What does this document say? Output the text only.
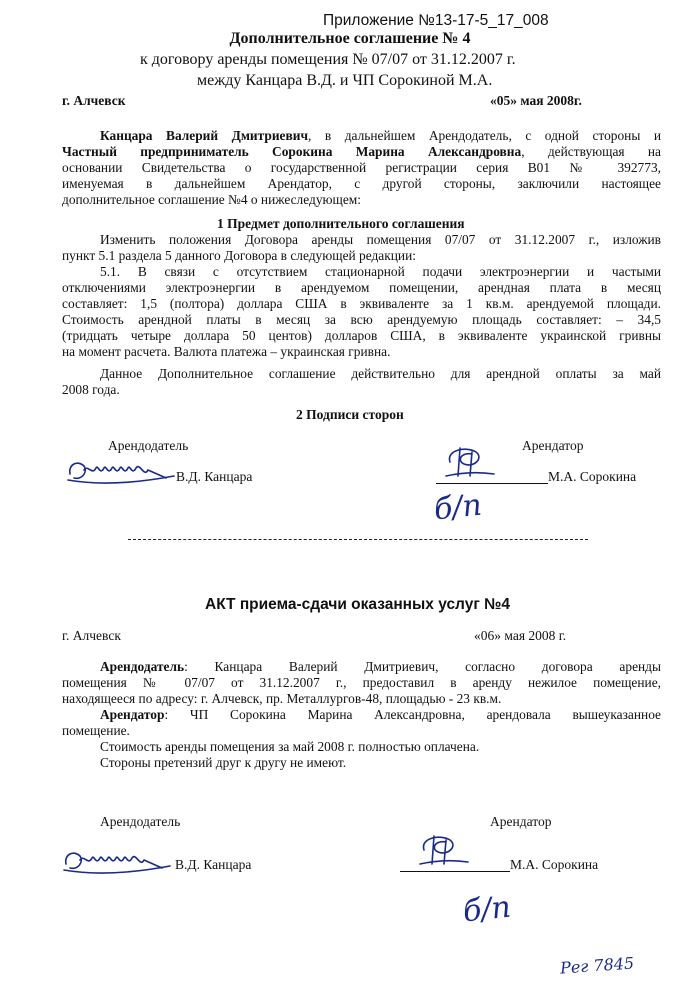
Приложение №13-17-5_17_008
Дополнительное соглашение № 4
к договору аренды помещения № 07/07 от 31.12.2007 г.
между Канцара В.Д. и ЧП Сорокиной М.А.
г. Алчевск	«05» мая 2008г.
Канцара Валерий Дмитриевич, в дальнейшем Арендодатель, с одной стороны и
Частный предприниматель Сорокина Марина Александровна, действующая на
основании Свидетельства о государственной регистрации серия В01 № 392773,
именуемая в дальнейшем Арендатор, с другой стороны, заключили настоящее
дополнительное соглашение №4 о нижеследующем:
1 Предмет дополнительного соглашения
Изменить положения Договора аренды помещения 07/07 от 31.12.2007 г., изложив
пункт 5.1 раздела 5 данного Договора в следующей редакции:
5.1. В связи с отсутствием стационарной подачи электроэнергии и частыми
отключениями электроэнергии в арендуемом помещении, арендная плата в месяц
составляет: 1,5 (полтора) доллара США в эквиваленте за 1 кв.м. арендуемой площади.
Стоимость арендной платы в месяц за всю арендуемую площадь составляет: – 34,5
(тридцать четыре доллара 50 центов) долларов США, в эквиваленте украинской гривны
на момент расчета. Валюта платежа – украинская гривна.
Данное Дополнительное соглашение действительно для арендной оплаты за май
2008 года.
2 Подписи сторон
Арендодатель	Арендатор
В.Д. Канцара	М.А. Сорокина
б/п
АКТ приема-сдачи оказанных услуг №4
г. Алчевск	«06» мая 2008 г.
Арендодатель: Канцара Валерий Дмитриевич, согласно договора аренды
помещения № 07/07 от 31.12.2007 г., предоставил в аренду нежилое помещение,
находящееся по адресу: г. Алчевск, пр. Металлургов-48, площадью - 23 кв.м.
Арендатор: ЧП Сорокина Марина Александровна, арендовала вышеуказанное
помещение.
Стоимость аренды помещения за май 2008 г. полностью оплачена.
Стороны претензий друг к другу не имеют.
Арендодатель	Арендатор
В.Д. Канцара	М.А. Сорокина
б/п
Рег 7845
